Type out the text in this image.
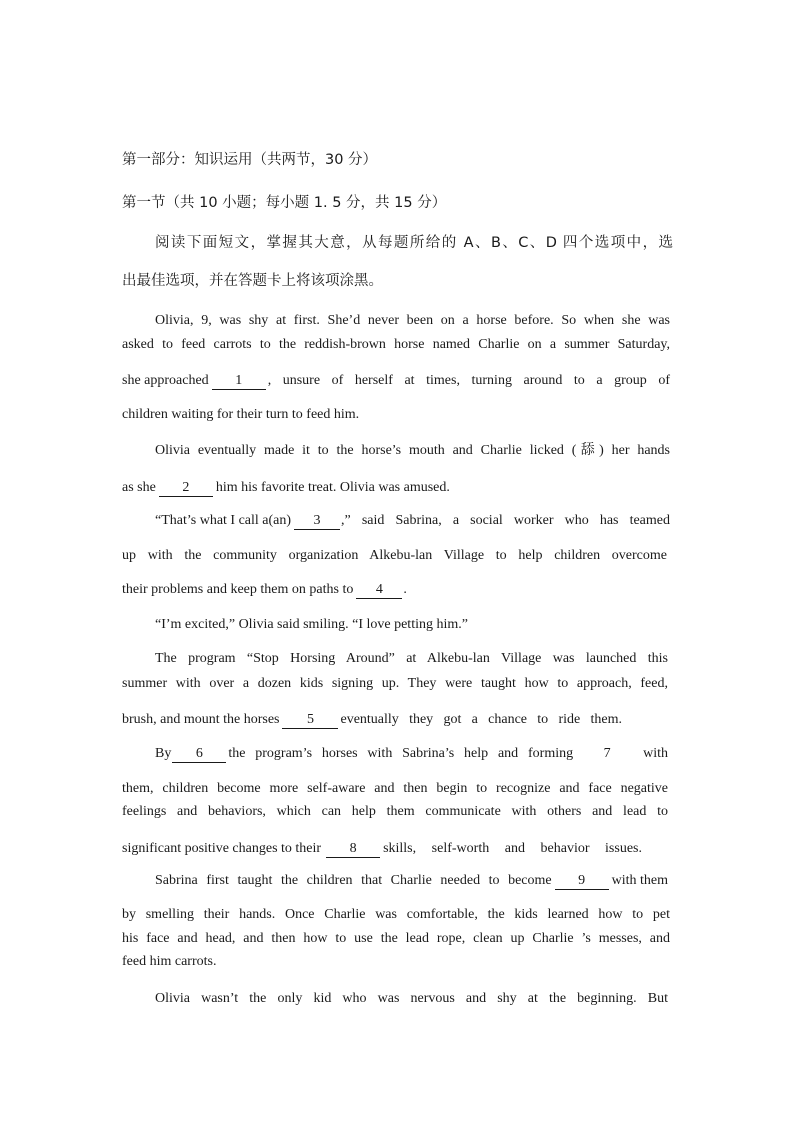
第一部分：知识运用（共两节，30 分）
第一节（共 10 小题；每小题 1. 5 分，共 15 分）
阅读下面短文，掌握其大意，从每题所给的 A、B、C、D 四个选项中，选
出最佳选项，并在答题卡上将该项涂黑。
Olivia, 9, was shy at first. She’d never been on a horse before. So when she was
asked to feed carrots to the reddish-brown horse named Charlie on a summer Saturday,
she approached	1	, unsure of herself at times, turning around to a group of
children waiting for their turn to feed him.
Olivia eventually made it to the horse’s mouth and Charlie licked (舔) her hands
as she	2	him his favorite treat. Olivia was amused.
“That’s what I call a(an)	3	,” said Sabrina, a social worker who has teamed
up with the community organization Alkebu-lan Village to help children overcome
their problems and keep them on paths to	4	.
“I’m excited,” Olivia said smiling. “I love petting him.”
The program “Stop Horsing Around” at Alkebu-lan Village was launched this
summer with over a dozen kids signing up. They were taught how to approach, feed,
brush, and mount the horses	5	eventually they got a chance to ride them.
By	6	the program’s horses with Sabrina’s help and forming	7	with
them, children become more self-aware and then begin to recognize and face negative
feelings and behaviors, which can help them communicate with others and lead to
significant positive changes to their	8	skills, self-worth and behavior issues.
Sabrina first taught the children that Charlie needed to become	9	with them
by smelling their hands. Once Charlie was comfortable, the kids learned how to pet
his face and head, and then how to use the lead rope, clean up Charlie ’s messes, and
feed him carrots.
Olivia wasn’t the only kid who was nervous and shy at the beginning. But
